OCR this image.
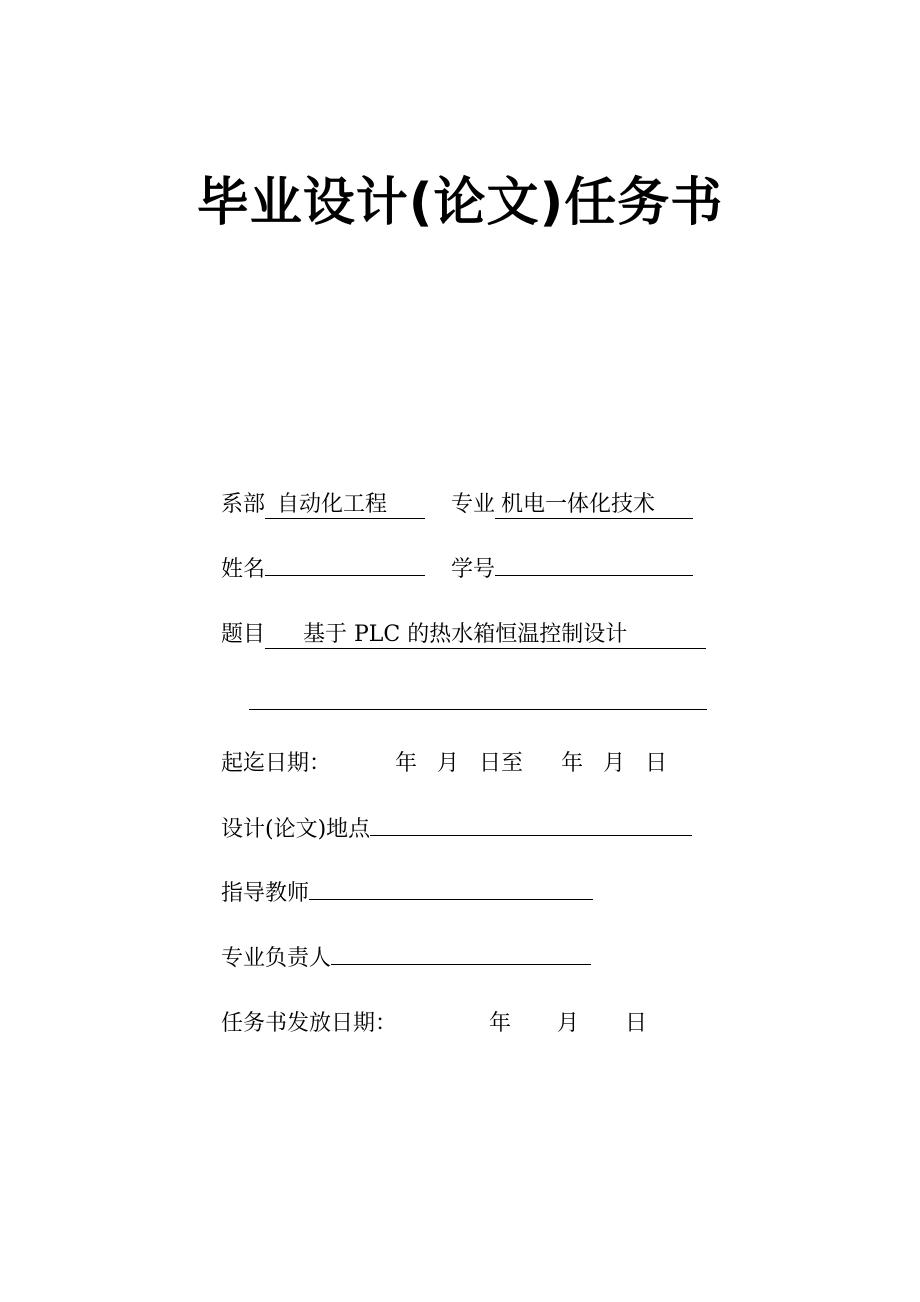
毕业设计(论文)任务书
系部 自动化工程	专业 机电一体化技术
姓名	学号
题目 基于 PLC 的热水箱恒温控制设计
起迄日期：	年 月 日至 年 月 日
设计(论文)地点
指导教师
专业负责人
任务书发放日期：	年 月 日
